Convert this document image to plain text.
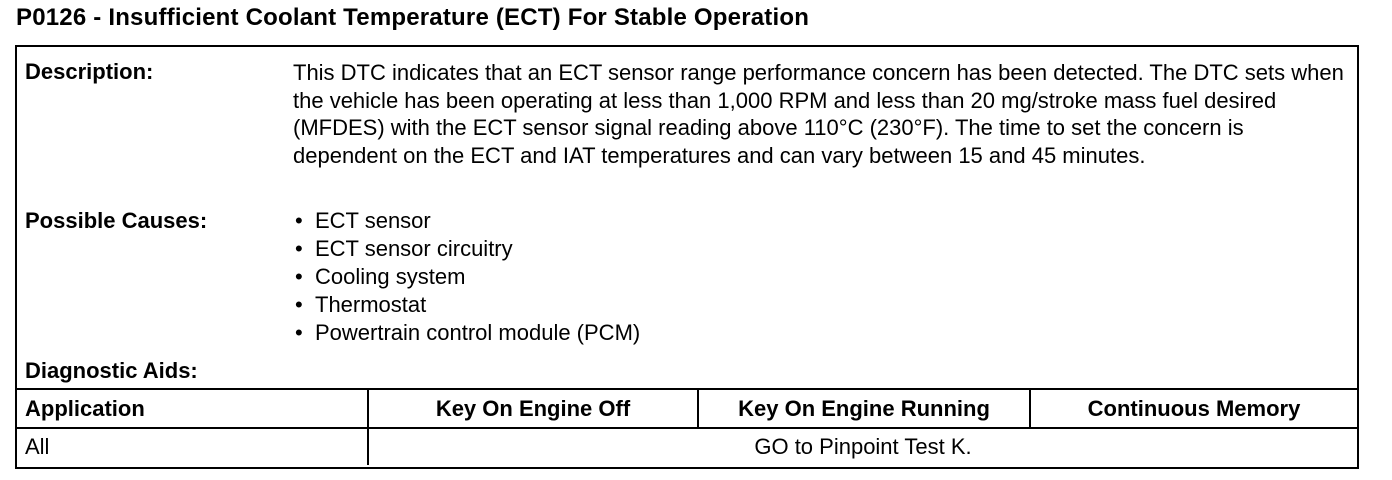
P0126 - Insufficient Coolant Temperature (ECT) For Stable Operation
Description:	This DTC indicates that an ECT sensor range performance concern has been detected. The DTC sets when the vehicle has been operating at less than 1,000 RPM and less than 20 mg/stroke mass fuel desired (MFDES) with the ECT sensor signal reading above 110°C (230°F). The time to set the concern is dependent on the ECT and IAT temperatures and can vary between 15 and 45 minutes.
Possible Causes:	• ECT sensor
• ECT sensor circuitry
• Cooling system
• Thermostat
• Powertrain control module (PCM)
Diagnostic Aids:
Application	Key On Engine Off	Key On Engine Running	Continuous Memory
All	GO to Pinpoint Test K.		
